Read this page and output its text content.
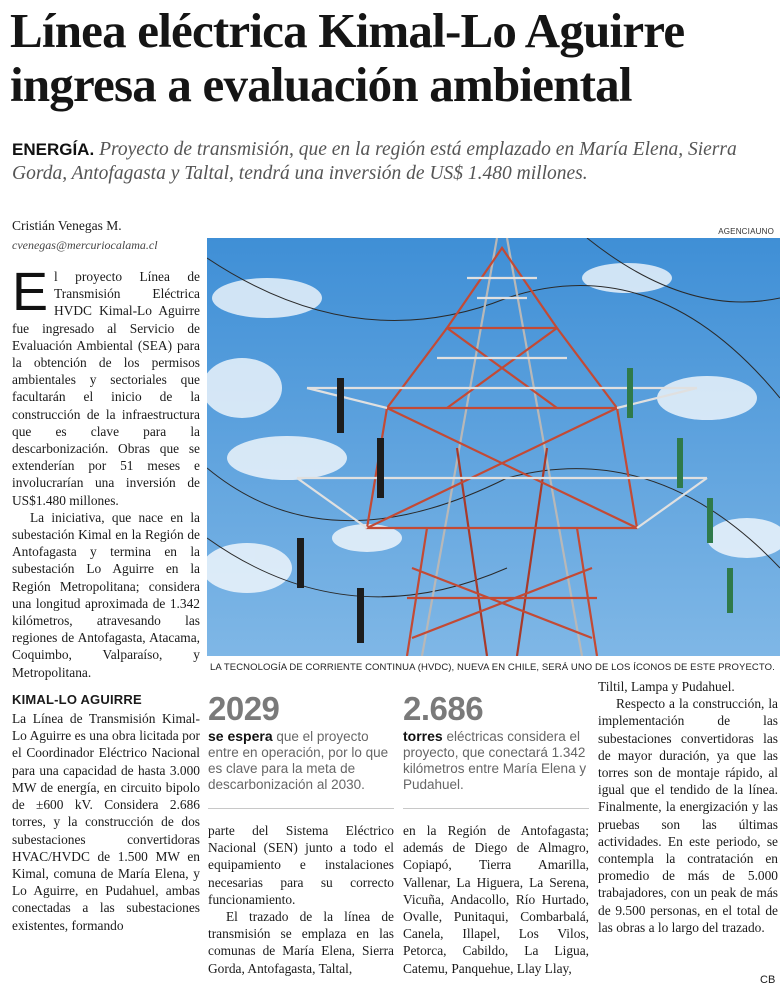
Línea eléctrica Kimal-Lo Aguirre
ingresa a evaluación ambiental
ENERGÍA. Proyecto de transmisión, que en la región está emplazado en María Elena, Sierra Gorda, Antofagasta y Taltal, tendrá una inversión de US$ 1.480 millones.
Cristián Venegas M.
cvenegas@mercuriocalama.cl
AGENCIAUNO
LA TECNOLOGÍA DE CORRIENTE CONTINUA (HVDC), NUEVA EN CHILE, SERÁ UNO DE LOS ÍCONOS DE ESTE PROYECTO.

El proyecto Línea de Transmisión Eléctrica HVDC Kimal-Lo Aguirre fue ingresado al Servicio de Evaluación Ambiental (SEA) para la obtención de los permisos ambientales y sectoriales que facultarán el inicio de la construcción de la infraestructura que es clave para la descarbonización. Obras que se extenderían por 51 meses e involucrarían una inversión de US$1.480 millones.

La iniciativa, que nace en la subestación Kimal en la Región de Antofagasta y termina en la subestación Lo Aguirre en la Región Metropolitana; considera una longitud aproximada de 1.342 kilómetros, atravesando las regiones de Antofagasta, Atacama, Coquimbo, Valparaíso, y Metropolitana.

KIMAL-LO AGUIRRE

La Línea de Transmisión Kimal-Lo Aguirre es una obra licitada por el Coordinador Eléctrico Nacional para una capacidad de hasta 3.000 MW de energía, en circuito bipolo de ±600 kV. Considera 2.686 torres, y la construcción de dos subestaciones convertidoras HVAC/HVDC de 1.500 MW en Kimal, comuna de María Elena, y Lo Aguirre, en Pudahuel, ambas conectadas a las subestaciones existentes, formando

2029
se espera que el proyecto entre en operación, por lo que es clave para la meta de descarbonización al 2030.
2.686
torres eléctricas considera el proyecto, que conectará 1.342 kilómetros entre María Elena y Pudahuel.

parte del Sistema Eléctrico Nacional (SEN) junto a todo el equipamiento e instalaciones necesarias para su correcto funcionamiento.

El trazado de la línea de transmisión se emplaza en las comunas de María Elena, Sierra Gorda, Antofagasta, Taltal,

en la Región de Antofagasta; además de Diego de Almagro, Copiapó, Tierra Amarilla, Vallenar, La Higuera, La Serena, Vicuña, Andacollo, Río Hurtado, Ovalle, Punitaqui, Combarbalá, Canela, Illapel, Los Vilos, Petorca, Cabildo, La Ligua, Catemu, Panquehue, Llay Llay,

Tiltil, Lampa y Pudahuel.

Respecto a la construcción, la implementación de las subestaciones convertidoras las de mayor duración, ya que las torres son de montaje rápido, al igual que el tendido de la línea. Finalmente, la energización y las pruebas son las últimas actividades. En este periodo, se contempla la contratación en promedio de más de 5.000 trabajadores, con un peak de más de 9.500 personas, en el total de las obras a lo largo del trazado.

CB
